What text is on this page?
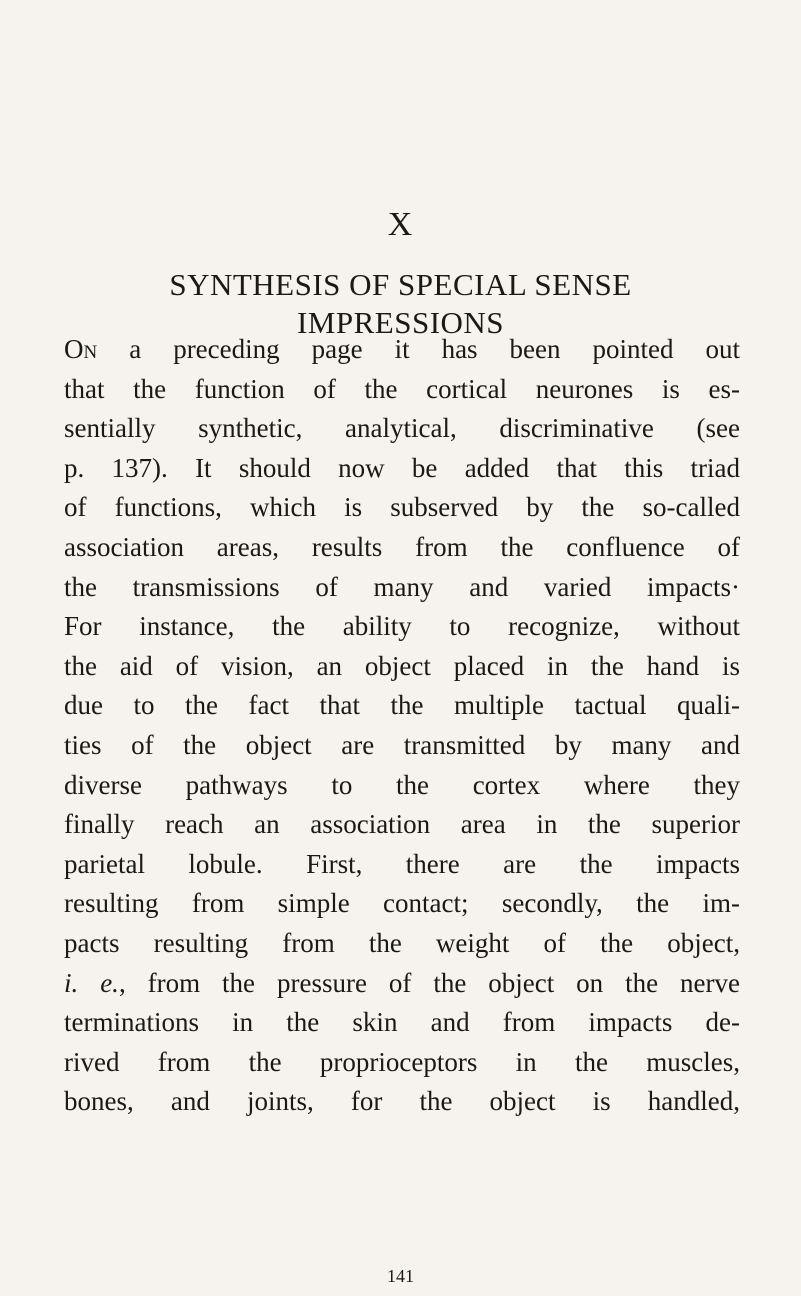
X
SYNTHESIS OF SPECIAL SENSE
IMPRESSIONS
On a preceding page it has been pointed out
that the function of the cortical neurones is es-
sentially synthetic, analytical, discriminative (see
p. 137). It should now be added that this triad
of functions, which is subserved by the so-called
association areas, results from the confluence of
the transmissions of many and varied impacts·
For instance, the ability to recognize, without
the aid of vision, an object placed in the hand is
due to the fact that the multiple tactual quali-
ties of the object are transmitted by many and
diverse pathways to the cortex where they
finally reach an association area in the superior
parietal lobule. First, there are the impacts
resulting from simple contact; secondly, the im-
pacts resulting from the weight of the object,
i. e., from the pressure of the object on the nerve
terminations in the skin and from impacts de-
rived from the proprioceptors in the muscles,
bones, and joints, for the object is handled,
141
